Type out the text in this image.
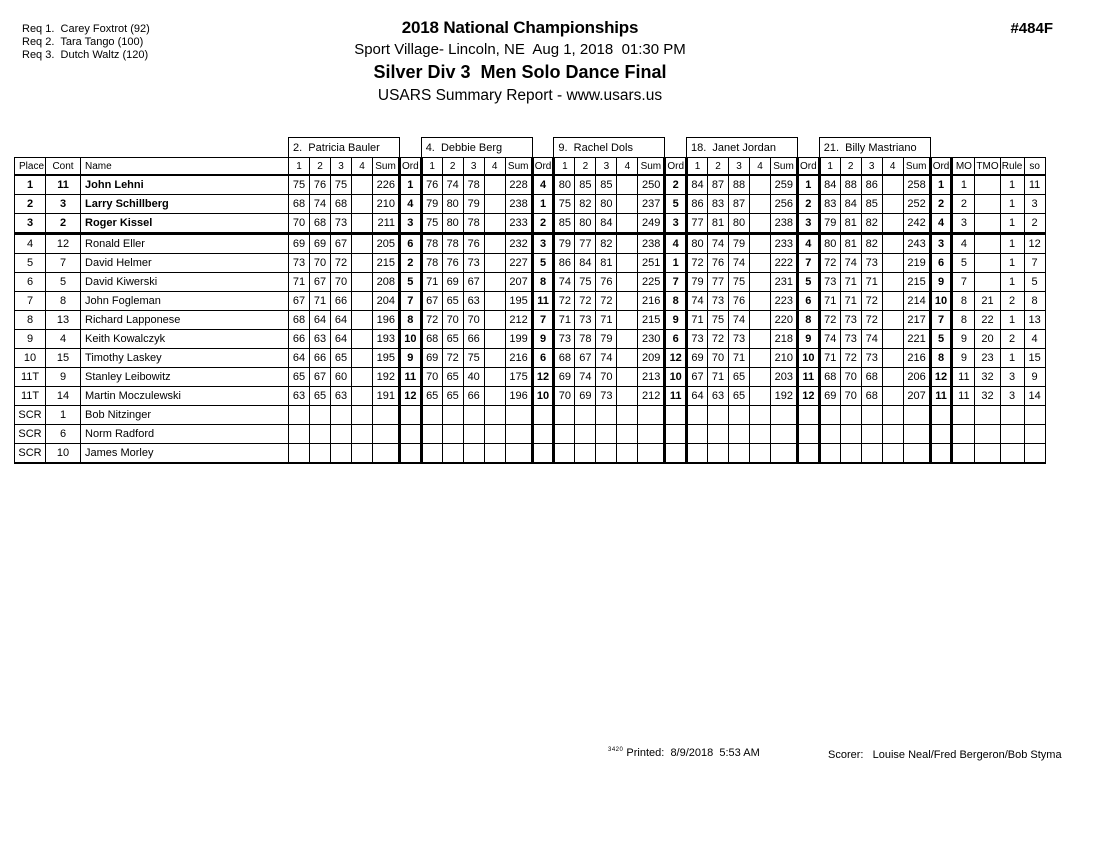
Req 1.  Carey Foxtrot (92)
Req 2.  Tara Tango (100)
Req 3.  Dutch Waltz (120)
2018 National Championships
Sport Village- Lincoln, NE  Aug 1, 2018  01:30 PM
Silver Div 3  Men Solo Dance Final
USARS Summary Report - www.usars.us
#484F
			2.  Patricia Bauler						4.  Debbie Berg						9.  Rachel Dols						18.  Janet Jordan						21.  Billy Mastriano									
Place	Cont	Name	1	2	3	4	Sum	Ord	1	2	3	4	Sum	Ord	1	2	3	4	Sum	Ord	1	2	3	4	Sum	Ord	1	2	3	4	Sum	Ord	MO	TMO	Rule	so
1	11	John Lehni	75	76	75		226	1	76	74	78		228	4	80	85	85		250	2	84	87	88		259	1	84	88	86		258	1	1		1	11
2	3	Larry Schillberg	68	74	68		210	4	79	80	79		238	1	75	82	80		237	5	86	83	87		256	2	83	84	85		252	2	2		1	3
3	2	Roger Kissel	70	68	73		211	3	75	80	78		233	2	85	80	84		249	3	77	81	80		238	3	79	81	82		242	4	3		1	2
4	12	Ronald Eller	69	69	67		205	6	78	78	76		232	3	79	77	82		238	4	80	74	79		233	4	80	81	82		243	3	4		1	12
5	7	David Helmer	73	70	72		215	2	78	76	73		227	5	86	84	81		251	1	72	76	74		222	7	72	74	73		219	6	5		1	7
6	5	David Kiwerski	71	67	70		208	5	71	69	67		207	8	74	75	76		225	7	79	77	75		231	5	73	71	71		215	9	7		1	5
7	8	John Fogleman	67	71	66		204	7	67	65	63		195	11	72	72	72		216	8	74	73	76		223	6	71	71	72		214	10	8	21	2	8
8	13	Richard Lapponese	68	64	64		196	8	72	70	70		212	7	71	73	71		215	9	71	75	74		220	8	72	73	72		217	7	8	22	1	13
9	4	Keith Kowalczyk	66	63	64		193	10	68	65	66		199	9	73	78	79		230	6	73	72	73		218	9	74	73	74		221	5	9	20	2	4
10	15	Timothy Laskey	64	66	65		195	9	69	72	75		216	6	68	67	74		209	12	69	70	71		210	10	71	72	73		216	8	9	23	1	15
11T	9	Stanley Leibowitz	65	67	60		192	11	70	65	40		175	12	69	74	70		213	10	67	71	65		203	11	68	70	68		206	12	11	32	3	9
11T	14	Martin Moczulewski	63	65	63		191	12	65	65	66		196	10	70	69	73		212	11	64	63	65		192	12	69	70	68		207	11	11	32	3	14
SCR	1	Bob Nitzinger																																		
SCR	6	Norm Radford																																		
SCR	10	James Morley																																		
$^{3420}$ Printed:  8/9/2018  5:53 AM	Scorer:   Louise Neal/Fred Bergeron/Bob Styma
